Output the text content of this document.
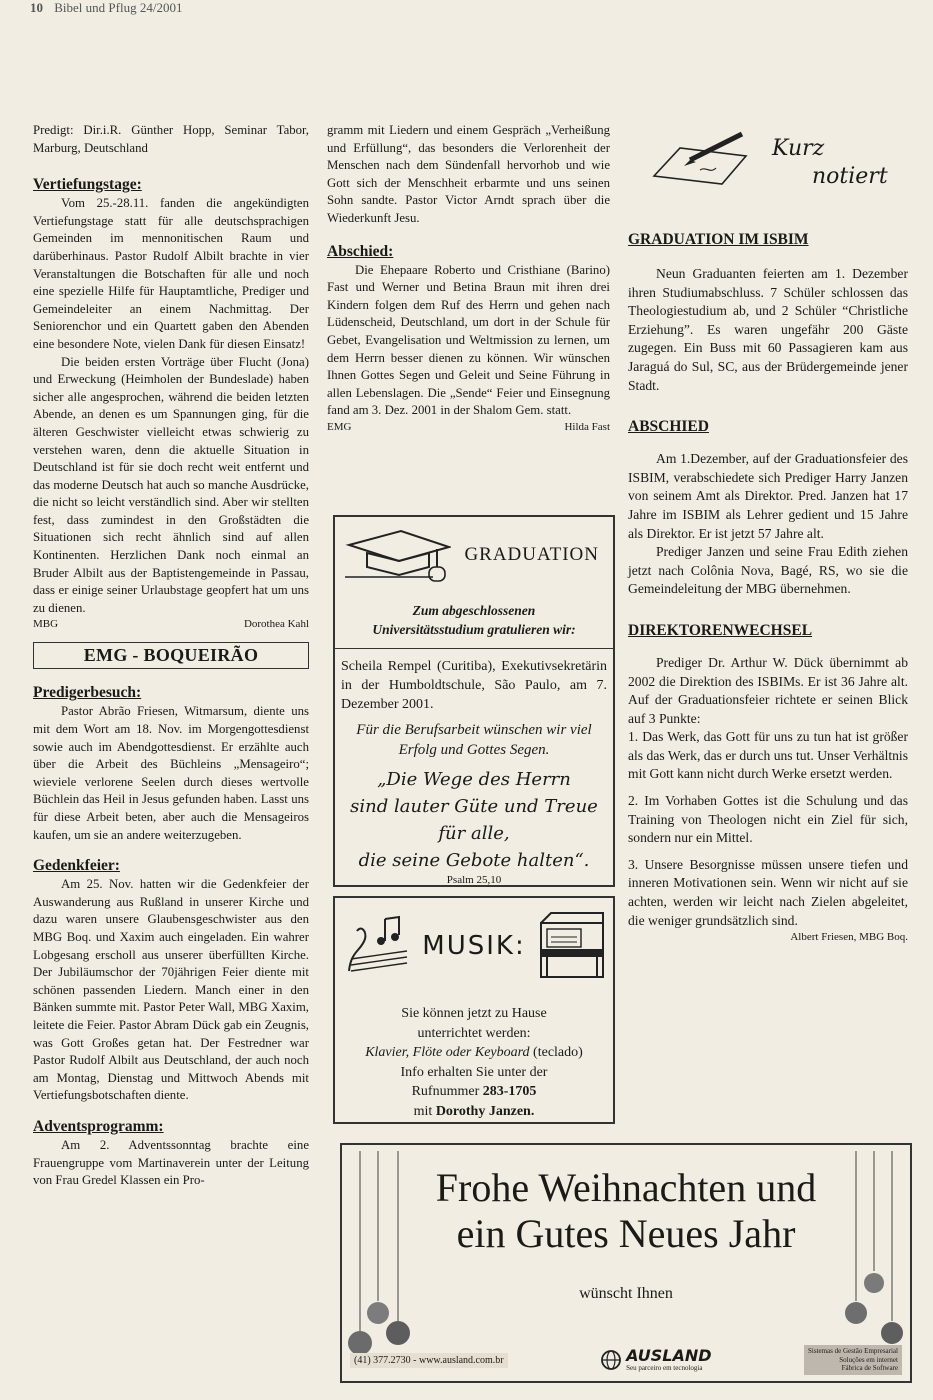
10 Bibel und Pflug 24/2001

Predigt: Dir.i.R. Günther Hopp, Seminar Tabor, Marburg, Deutschland

Vertiefungstage:

Vom 25.-28.11. fanden die angekündigten Vertiefungstage statt für alle deutschsprachigen Gemeinden im mennonitischen Raum und darüberhinaus. Pastor Rudolf Albilt brachte in vier Veranstaltungen die Botschaften für alle und noch eine spezielle Hilfe für Hauptamtliche, Prediger und Gemeindeleiter an einem Nachmittag. Der Seniorenchor und ein Quartett gaben den Abenden eine besondere Note, vielen Dank für diesen Einsatz!

Die beiden ersten Vorträge über Flucht (Jona) und Erweckung (Heimholen der Bundeslade) haben sicher alle angesprochen, während die beiden letzten Abende, an denen es um Spannungen ging, für die älteren Geschwister vielleicht etwas schwierig zu verstehen waren, denn die aktuelle Situation in Deutschland ist für sie doch recht weit entfernt und das moderne Deutsch hat auch so manche Ausdrücke, die nicht so leicht verständlich sind. Aber wir stellten fest, dass zumindest in den Großstädten die Situationen sich recht ähnlich sind auf allen Kontinenten. Herzlichen Dank noch einmal an Bruder Albilt aus der Baptistengemeinde in Passau, dass er einige seiner Urlaubstage geopfert hat um uns zu dienen.

MBG	Dorothea Kahl
EMG - BOQUEIRÃO

Predigerbesuch:

Pastor Abrão Friesen, Witmarsum, diente uns mit dem Wort am 18. Nov. im Morgengottesdienst sowie auch im Abendgottesdienst. Er erzählte auch über die Arbeit des Büchleins „Mensageiro“; wieviele verlorene Seelen durch dieses wertvolle Büchlein das Heil in Jesus gefunden haben. Lasst uns für diese Arbeit beten, aber auch die Mensageiros kaufen, um sie an andere weiterzugeben.

Gedenkfeier:

Am 25. Nov. hatten wir die Gedenkfeier der Auswanderung aus Rußland in unserer Kirche und dazu waren unsere Glaubensgeschwister aus den MBG Boq. und Xaxim auch eingeladen. Ein wahrer Lobgesang erscholl aus unserer überfüllten Kirche. Der Jubiläumschor der 70jährigen Feier diente mit schönen passenden Liedern. Manch einer in den Bänken summte mit. Pastor Peter Wall, MBG Xaxim, leitete die Feier. Pastor Abram Dück gab ein Zeugnis, was Gott Großes getan hat. Der Festredner war Pastor Rudolf Albilt aus Deutschland, der auch noch am Montag, Dienstag und Mittwoch Abends mit Vertiefungsbotschaften diente.

Adventsprogramm:

Am 2. Adventssonntag brachte eine Frauengruppe vom Martinaverein unter der Leitung von Frau Gredel Klassen ein Pro-

gramm mit Liedern und einem Gespräch „Verheißung und Erfüllung“, das besonders die Verlorenheit der Menschen nach dem Sündenfall hervorhob und wie Gott sich der Menschheit erbarmte und uns seinen Sohn sandte. Pastor Victor Arndt sprach über die Wiederkunft Jesu.

Abschied:

Die Ehepaare Roberto und Cristhiane (Barino) Fast und Werner und Betina Braun mit ihren drei Kindern folgen dem Ruf des Herrn und gehen nach Lüdenscheid, Deutschland, um dort in der Schule für Gebet, Evangelisation und Weltmission zu lernen, um dem Herrn besser dienen zu können. Wir wünschen Ihnen Gottes Segen und Geleit und Seine Führung in allen Lebenslagen. Die „Sende“ Feier und Einsegnung fand am 3. Dez. 2001 in der Shalom Gem. statt.

EMG	Hilda Fast
GRADUATION
Zum abgeschlossenen
Universitätsstudium gratulieren wir:

Scheila Rempel (Curitiba), Exekutivsekretärin in der Humboldtschule, São Paulo, am 7. Dezember 2001.

Für die Berufsarbeit wünschen wir viel Erfolg und Gottes Segen.

„Die Wege des Herrn
sind lauter Güte und Treue
für alle,
die seine Gebote halten“.
Psalm 25,10
MUSIK:
Sie können jetzt zu Hause
unterrichtet werden:
Klavier, Flöte oder Keyboard (teclado)
Info erhalten Sie unter der
Rufnummer 283-1705
mit Dorothy Janzen.
Kurz
notiert

GRADUATION IM ISBIM

Neun Graduanten feierten am 1. Dezember ihren Studiumabschluss. 7 Schüler schlossen das Theologiestudium ab, und 2 Schüler “Christliche Erziehung”. Es waren ungefähr 200 Gäste zugegen. Ein Buss mit 60 Passagieren kam aus Jaraguá do Sul, SC, aus der Brüdergemeinde jener Stadt.

ABSCHIED

Am 1.Dezember, auf der Graduationsfeier des ISBIM, verabschiedete sich Prediger Harry Janzen von seinem Amt als Direktor. Pred. Janzen hat 17 Jahre im ISBIM als Lehrer gedient und 15 Jahre als Direktor. Er ist jetzt 57 Jahre alt.

Prediger Janzen und seine Frau Edith ziehen jetzt nach Colônia Nova, Bagé, RS, wo sie die Gemeindeleitung der MBG übernehmen.

DIREKTORENWECHSEL

Prediger Dr. Arthur W. Dück übernimmt ab 2002 die Direktion des ISBIMs. Er ist 36 Jahre alt. Auf der Graduationsfeier richtete er seinen Blick auf 3 Punkte:

1. Das Werk, das Gott für uns zu tun hat ist größer als das Werk, das er durch uns tut. Unser Verhältnis mit Gott kann nicht durch Werke ersetzt werden.

2. Im Vorhaben Gottes ist die Schulung und das Training von Theologen nicht ein Ziel für sich, sondern nur ein Mittel.

3. Unsere Besorgnisse müssen unsere tiefen und inneren Motivationen sein. Wenn wir nicht auf sie achten, werden wir leicht nach Zielen abgeleitet, die weniger grundsätzlich sind.

Albert Friesen, MBG Boq.
Frohe Weihnachten und
ein Gutes Neues Jahr
wünscht Ihnen
(41) 377.2730 - www.ausland.com.br	AUSLAND
Seu parceiro em tecnologia
Sistemas de Gestão Empresarial
Soluções em internet
Fábrica de Software
